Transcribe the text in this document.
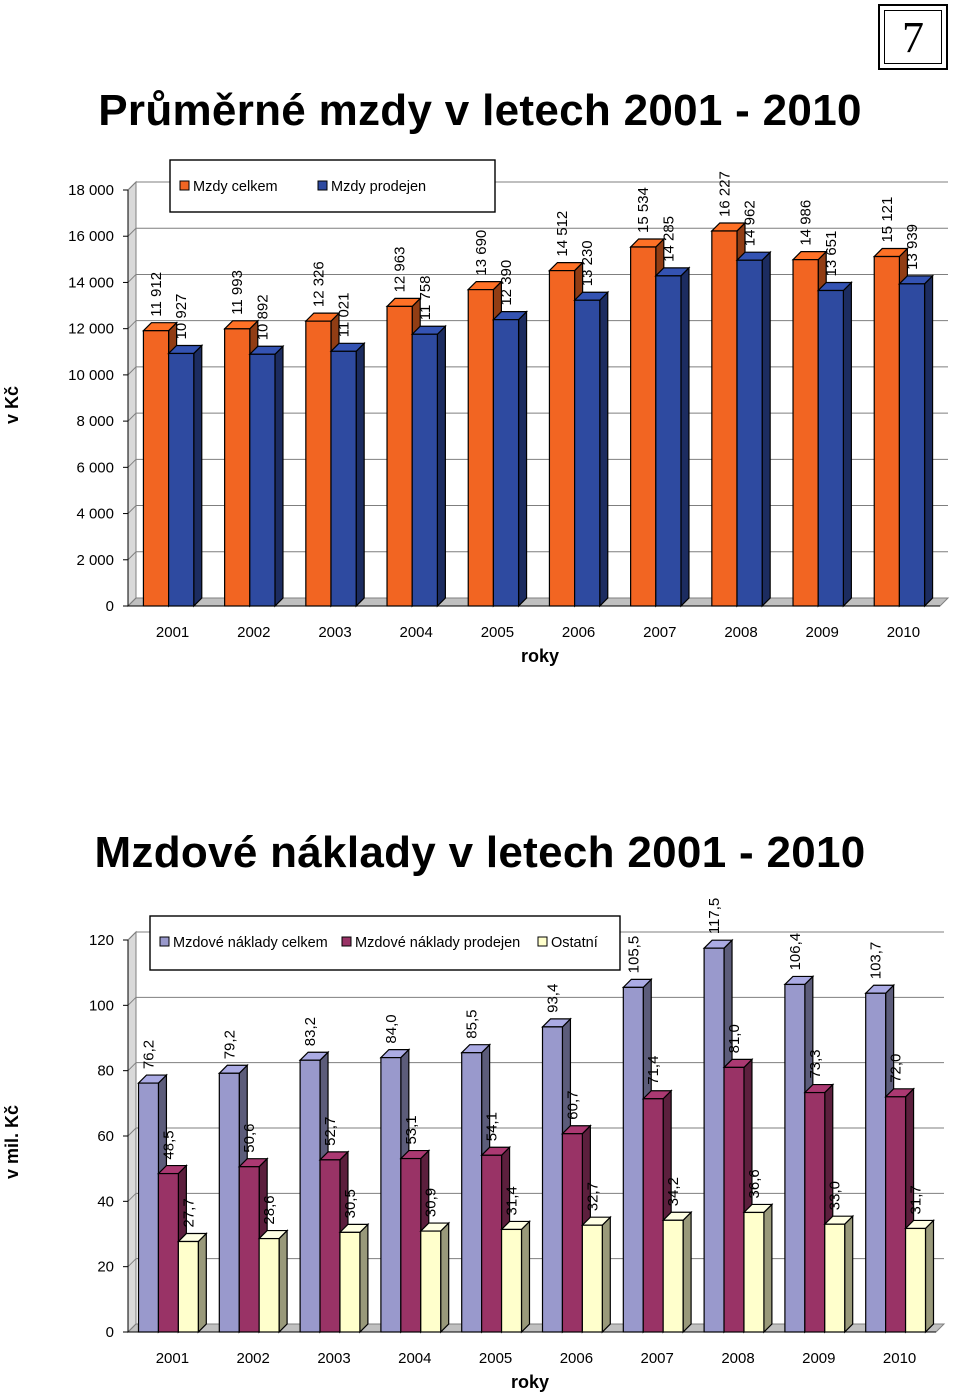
7
Průměrné mzdy v letech 2001 - 2010
0
2 000
4 000
6 000
8 000
10 000
12 000
14 000
16 000
18 000
11 912 10 927
2001
11 993
10 892
2002
12 326
11 021
2003
12 963
11 758
2004
13 690
12 390
2005
14 512
13 230
2006
15 534
14 285
2007
16 227
14 962
2008
14 986
13 651
2009
15 121
13 939
2010
roky
v Kč
Mzdy celkem	Mzdy prodejen
Mzdové náklady v letech 2001 - 2010
0
20
40
60
80
100
120
76,2
48,5
27,7
2001
79,2
50,6
28,6
2002
83,2
52,7
30,5
2003
84,0
53,1
30,9
2004
85,5
54,1
31,4
2005
93,4
60,7
32,7
2006
105,5
71,4
34,2
2007
117,5
81,0
36,6
2008
106,4
73,3
33,0
2009
103,7
72,0
31,7
2010
roky
v mil. Kč
Mzdové náklady celkem Mzdové náklady prodejen Ostatní
